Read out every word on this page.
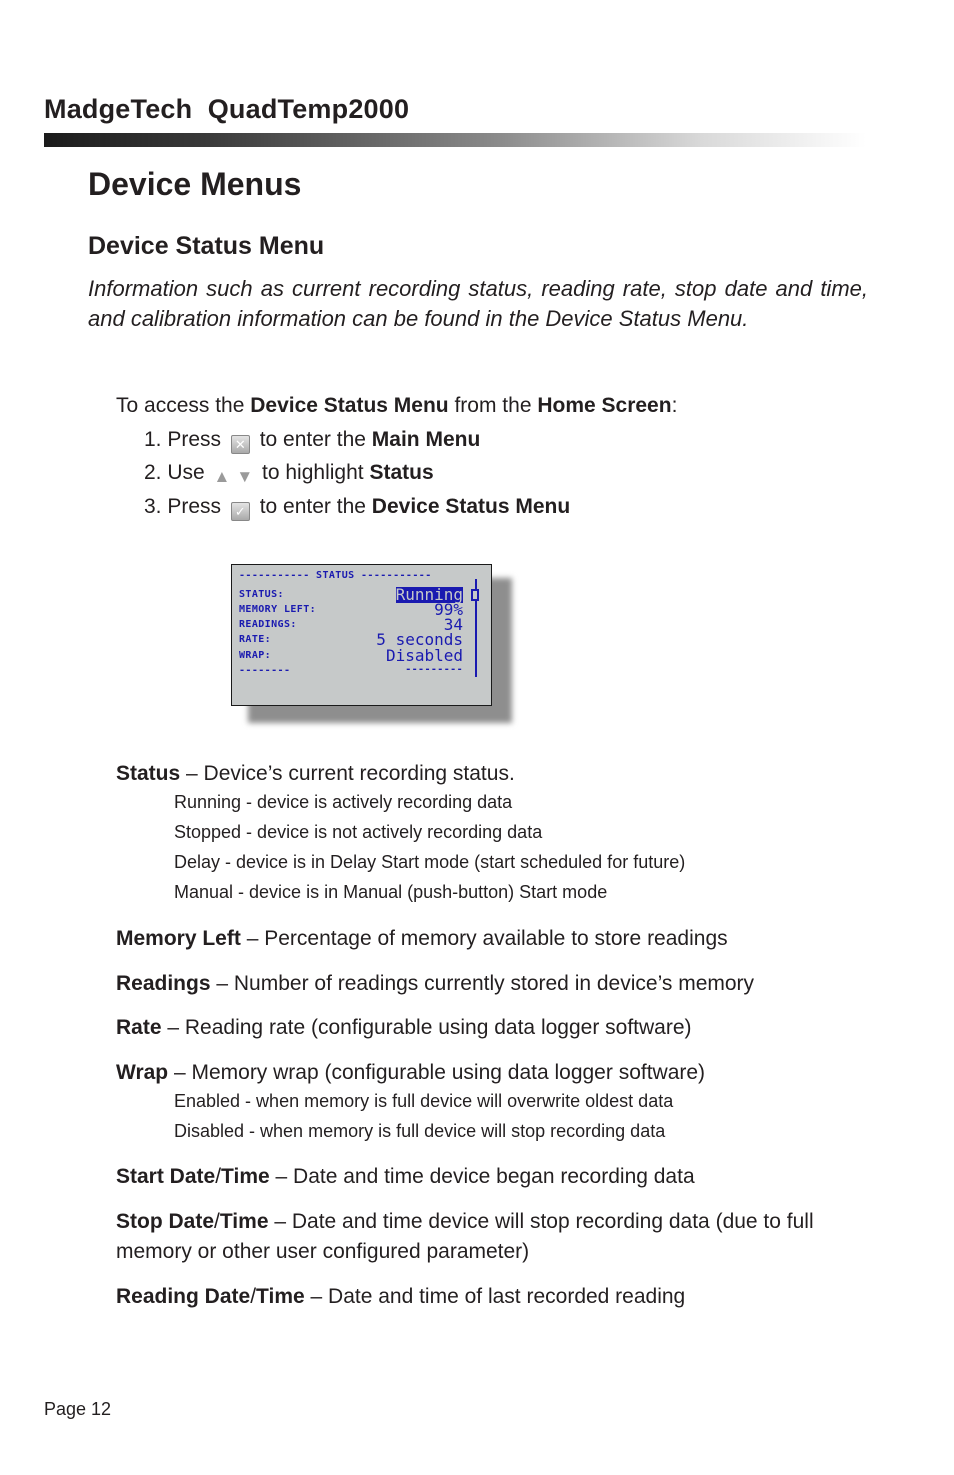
MadgeTech  QuadTemp2000
Device Menus
Device Status Menu
Information such as current recording status, reading rate, stop date and time, and calibration information can be found in the Device Status Menu.
To access the Device Status Menu from the Home Screen:
1. Press ✕ to enter the Main Menu
2. Use ▲ ▼ to highlight Status
3. Press ✓ to enter the Device Status Menu
----------- STATUS -----------
STATUS:
MEMORY LEFT:
READINGS:
RATE:
WRAP:
--------
Running
99%
34
5 seconds
Disabled
---------
Status – Device’s current recording status.
Running - device is actively recording data
Stopped - device is not actively recording data
Delay - device is in Delay Start mode (start scheduled for future)
Manual - device is in Manual (push-button) Start mode
Memory Left – Percentage of memory available to store readings
Readings – Number of readings currently stored in device’s memory
Rate – Reading rate (configurable using data logger software)
Wrap – Memory wrap (configurable using data logger software)
Enabled - when memory is full device will overwrite oldest data
Disabled - when memory is full device will stop recording data
Start Date/Time – Date and time device began recording data
Stop Date/Time – Date and time device will stop recording data (due to full memory or other user configured parameter)
Reading Date/Time – Date and time of last recorded reading
Page 12
